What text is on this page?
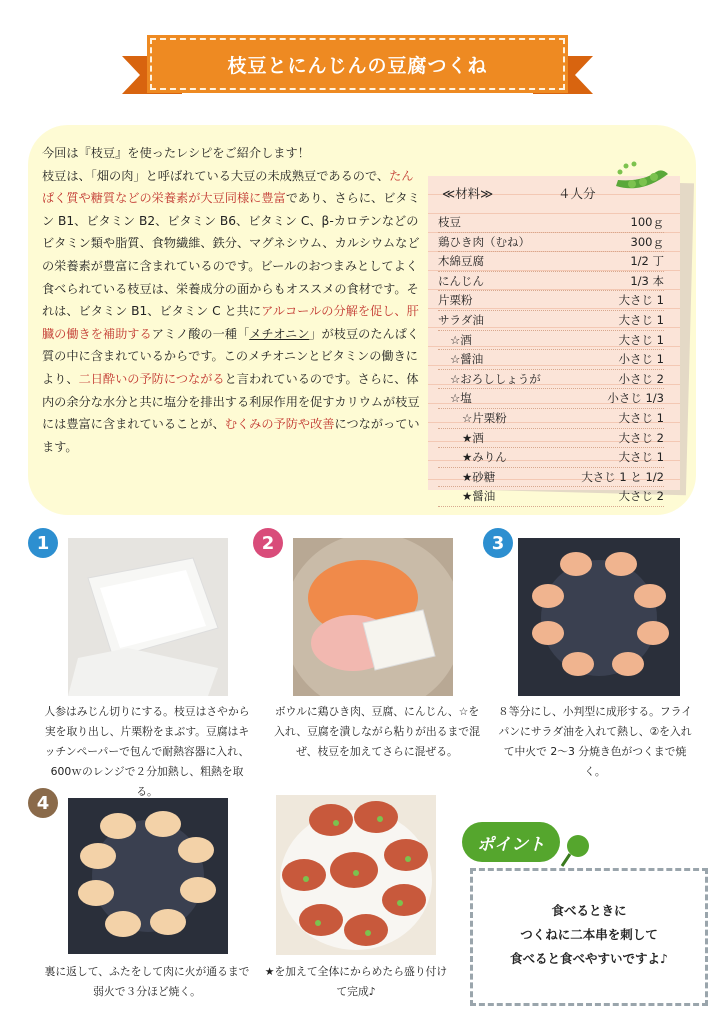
枝豆とにんじんの豆腐つくね

今回は『枝豆』を使ったレシピをご紹介します！

枝豆は、「畑の肉」と呼ばれている大豆の未成熟豆であるので、たんぱく質や糖質などの栄養素が大豆同様に豊富であり、さらに、ビタミン B1、ビタミン B2、ビタミン B6、ビタミン C、β-カロテンなどのビタミン類や脂質、食物繊維、鉄分、マグネシウム、カルシウムなどの栄養素が豊富に含まれているのです。ビールのおつまみとしてよく食べられている枝豆は、栄養成分の面からもオススメの食材です。それは、ビタミン B1、ビタミン C と共にアルコールの分解を促し、肝臓の働きを補助するアミノ酸の一種「メチオニン」が枝豆のたんぱく質の中に含まれているからです。このメチオニンとビタミンの働きにより、二日酔いの予防につながると言われているのです。さらに、体内の余分な水分と共に塩分を排出する利尿作用を促すカリウムが枝豆には豊富に含まれていることが、むくみの予防や改善につながっています。

≪材料≫	４人分
枝豆	100ｇ
鶏ひき肉（むね）	300ｇ
木綿豆腐	1/2 丁
にんじん	1/3 本
片栗粉	大さじ 1
サラダ油	大さじ 1
☆酒	大さじ 1
☆醤油	小さじ 1
☆おろししょうが	小さじ 2
☆塩	小さじ 1/3
☆片栗粉	大さじ 1
★酒	大さじ 2
★みりん	大さじ 1
★砂糖	大さじ 1 と 1/2
★醤油	大さじ 2
1
人参はみじん切りにする。枝豆はさやから実を取り出し、片栗粉をまぶす。豆腐はキッチンペーパーで包んで耐熱容器に入れ、600ｗのレンジで２分加熱し、粗熱を取る。
2
ボウルに鶏ひき肉、豆腐、にんじん、☆を入れ、豆腐を潰しながら粘りが出るまで混ぜ、枝豆を加えてさらに混ぜる。
3
８等分にし、小判型に成形する。フライパンにサラダ油を入れて熱し、②を入れて中火で 2～3 分焼き色がつくまで焼く。
4
裏に返して、ふたをして肉に火が通るまで弱火で３分ほど焼く。
★を加えて全体にからめたら盛り付けて完成♪
食べるときに
つくねに二本串を刺して
食べると食べやすいですよ♪
ポイント
